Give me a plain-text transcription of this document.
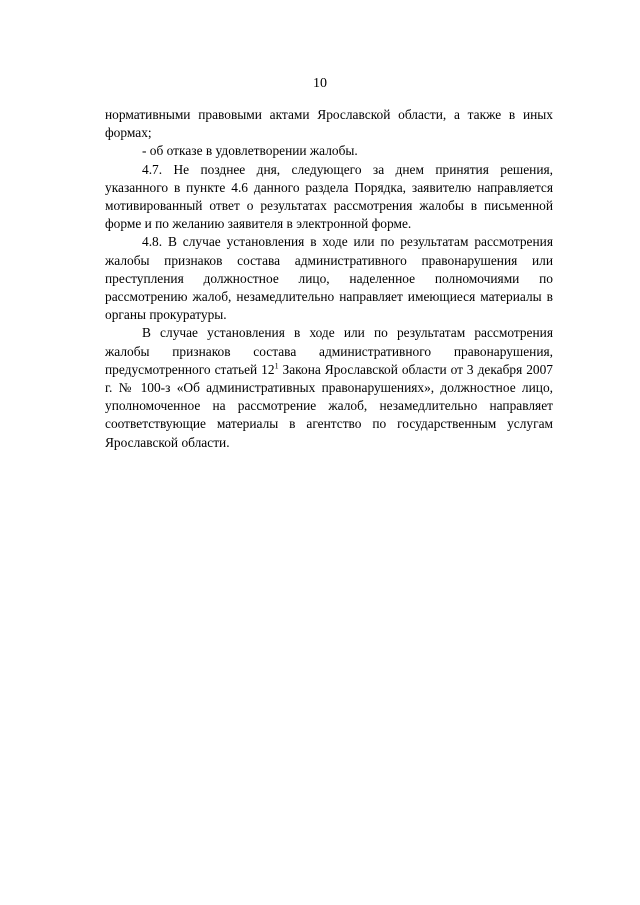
10

нормативными правовыми актами Ярославской области, а также в иных формах;

- об отказе в удовлетворении жалобы.

4.7. Не позднее дня, следующего за днем принятия решения, указанного в пункте 4.6 данного раздела Порядка, заявителю направляется мотивированный ответ о результатах рассмотрения жалобы в письменной форме и по желанию заявителя в электронной форме.

4.8. В случае установления в ходе или по результатам рассмотрения жалобы признаков состава административного правонарушения или преступления должностное лицо, наделенное полномочиями по рассмотрению жалоб, незамедлительно направляет имеющиеся материалы в органы прокуратуры.

В случае установления в ходе или по результатам рассмотрения жалобы признаков состава административного правонарушения, предусмотренного статьей $12^1$ Закона Ярославской области от 3 декабря 2007 г. № 100-з «Об административных правонарушениях», должностное лицо, уполномоченное на рассмотрение жалоб, незамедлительно направляет соответствующие материалы в агентство по государственным услугам Ярославской области.
